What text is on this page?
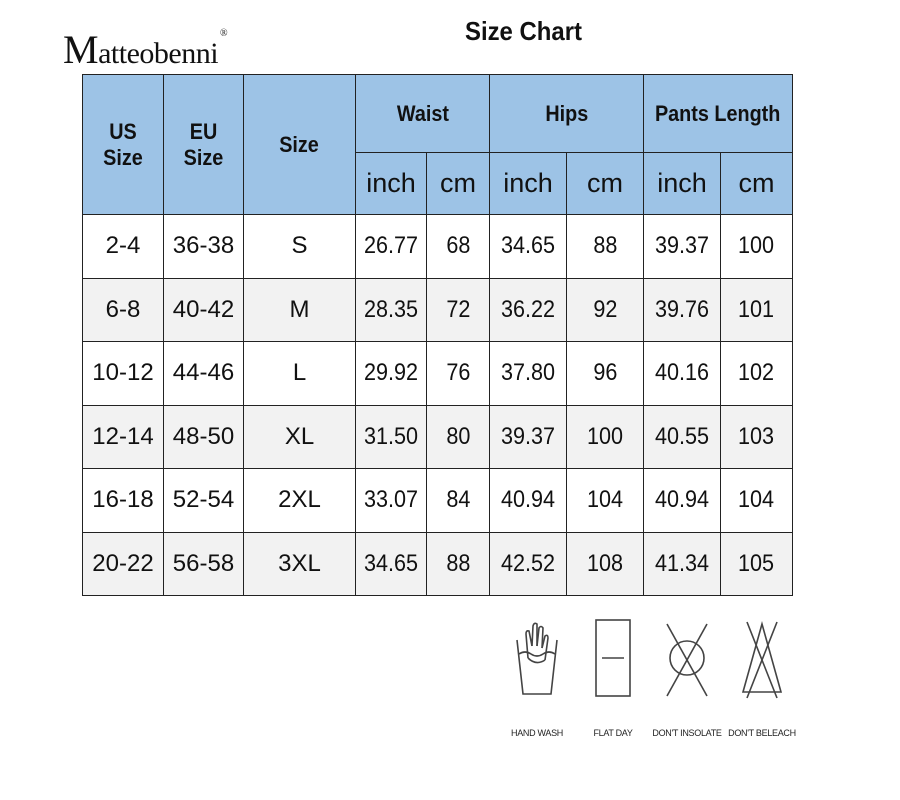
Matteobenni®	Size Chart
US Size	EU Size	Size	Waist		Hips		Pants Length	
			inch	cm	inch	cm	inch	cm
2-4	36-38	S	26.77	68	34.65	88	39.37	100
6-8	40-42	M	28.35	72	36.22	92	39.76	101
10-12	44-46	L	29.92	76	37.80	96	40.16	102
12-14	48-50	XL	31.50	80	39.37	100	40.55	103
16-18	52-54	2XL	33.07	84	40.94	104	40.94	104
20-22	56-58	3XL	34.65	88	42.52	108	41.34	105
HAND WASH	FLAT DAY	DON'T INSOLATE DON'T BELEACH
